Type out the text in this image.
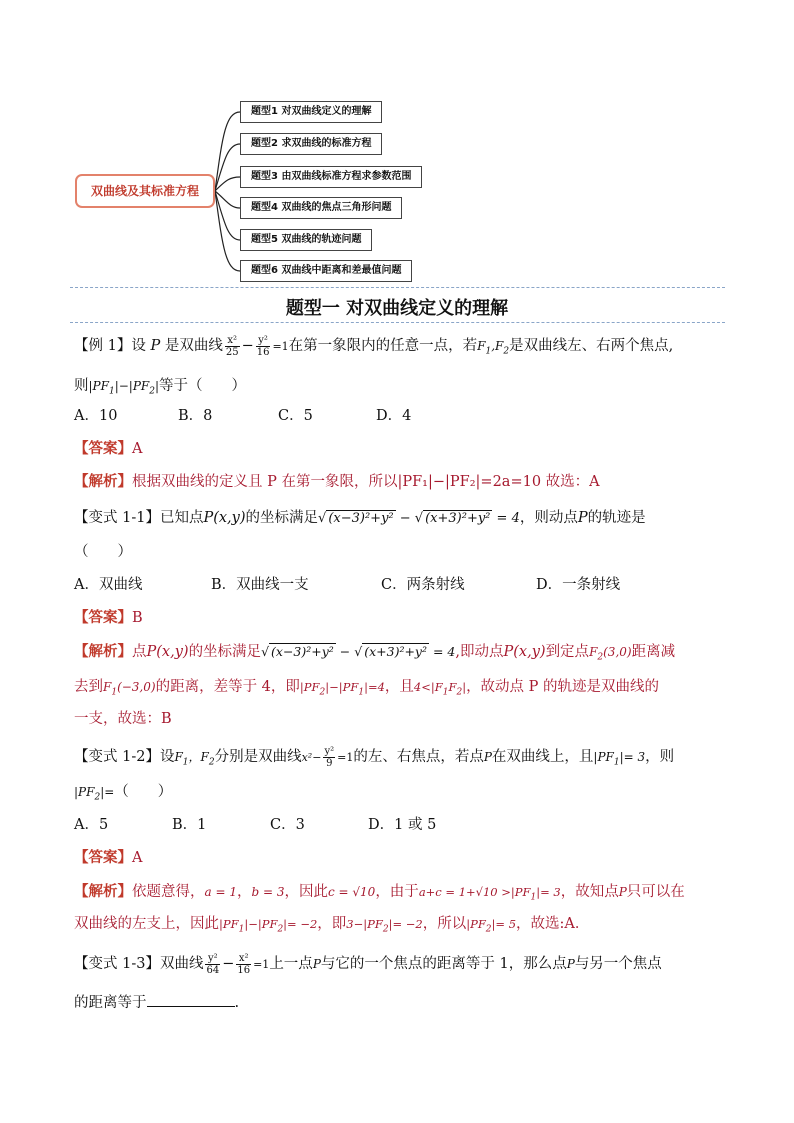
双曲线及其标准方程
题型1 对双曲线定义的理解
题型2 求双曲线的标准方程
题型3 由双曲线标准方程求参数范围
题型4 双曲线的焦点三角形问题
题型5 双曲线的轨迹问题
题型6 双曲线中距离和差最值问题
题型一 对双曲线定义的理解
【例 1】设 P 是双曲线 $\frac{\text{x²}}{25} - \frac{\text{y²}}{16} =1$在第一象限内的任意一点，若$F_1,F_2$是双曲线左、右两个焦点,
则$|PF_1|-|PF_2|$等于（　　）
A．10	B．8	C．5	D．4
【答案】A
【解析】根据双曲线的定义且 P 在第一象限，所以|PF₁|−|PF₂|=2a=10 故选：A
【变式 1-1】已知点P(x,y)的坐标满足√ (x−3)²+y² − √ (x+3)²+y² = 4，则动点P的轨迹是
（　　）
A．双曲线	B．双曲线一支	C．两条射线	D．一条射线
【答案】B
【解析】点P(x,y)的坐标满足√ (x−3)²+y² − √ (x+3)²+y² = 4,即动点P(x,y)到定点$F_2(3,0)$距离减
去到$F_1(-3,0)$的距离，差等于 4，即$|PF_2|-|PF_1|=4$，且$4<|F_1F_2|$，故动点 P 的轨迹是双曲线的
一支，故选：B
【变式 1-2】设$F_1$，$F_2$分别是双曲线$x^2- \frac{\text{y²}}{9} =1$的左、右焦点，若点P在双曲线上，且$|PF_1|= 3$，则
$|PF_2|=$（　　）
A．5	B．1	C．3	D．1 或 5
【答案】A
【解析】依题意得，a = 1，b = 3，因此c = √10，由于$a+c = 1+√10 >|PF_1|= 3$，故知点P只可以在
双曲线的左支上，因此$|PF_1|-|PF_2|= -2$，即$3-|PF_2|= -2$，所以$|PF_2|= 5$，故选:A．
【变式 1-3】双曲线 $\frac{\text{y²}}{64} - \frac{\text{x²}}{16} =1$上一点P与它的一个焦点的距离等于 1，那么点P与另一个焦点
的距离等于	.
